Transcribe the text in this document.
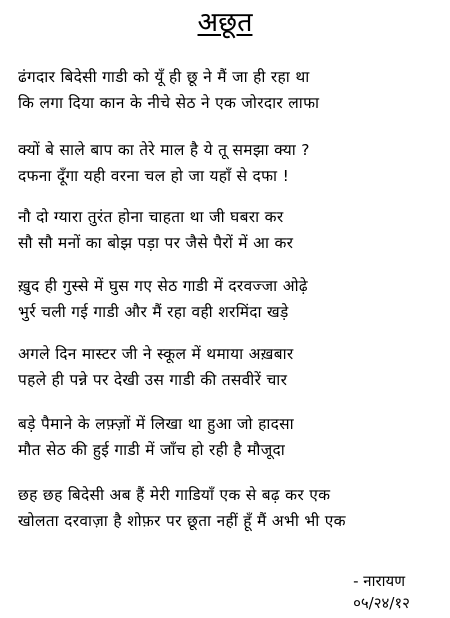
अछूत
ढंगदार बिदेसी गाडी को यूँ ही छू ने मैं जा ही रहा था
कि लगा दिया कान के नीचे सेठ ने एक जोरदार लाफा
क्यों बे साले बाप का तेरे माल है ये तू समझा क्या ?
दफना दूँगा यही वरना चल हो जा यहाँ से दफा !
नौ दो ग्यारा तुरंत होना चाहता था जी घबरा कर
सौ सौ मनों का बोझ पड़ा पर जैसे पैरों में आ कर
ख़ुद ही गुस्से में घुस गए सेठ गाडी में दरवज्जा ओढ़े
भुर्र चली गई गाडी और मैं रहा वही शरमिंदा खड़े
अगले दिन मास्टर जी ने स्कूल में थमाया अख़बार
पहले ही पन्ने पर देखी उस गाडी की तसवीरें चार
बड़े पैमाने के लफ़्ज़ों में लिखा था हुआ जो हादसा
मौत सेठ की हुई गाडी में जाँच हो रही है मौजूदा
छह छह बिदेसी अब हैं मेरी गाडियाँ एक से बढ़ कर एक
खोलता दरवाज़ा है शोफ़र पर छूता नहीं हूँ मैं अभी भी एक
- नारायण
०५/२४/१२
